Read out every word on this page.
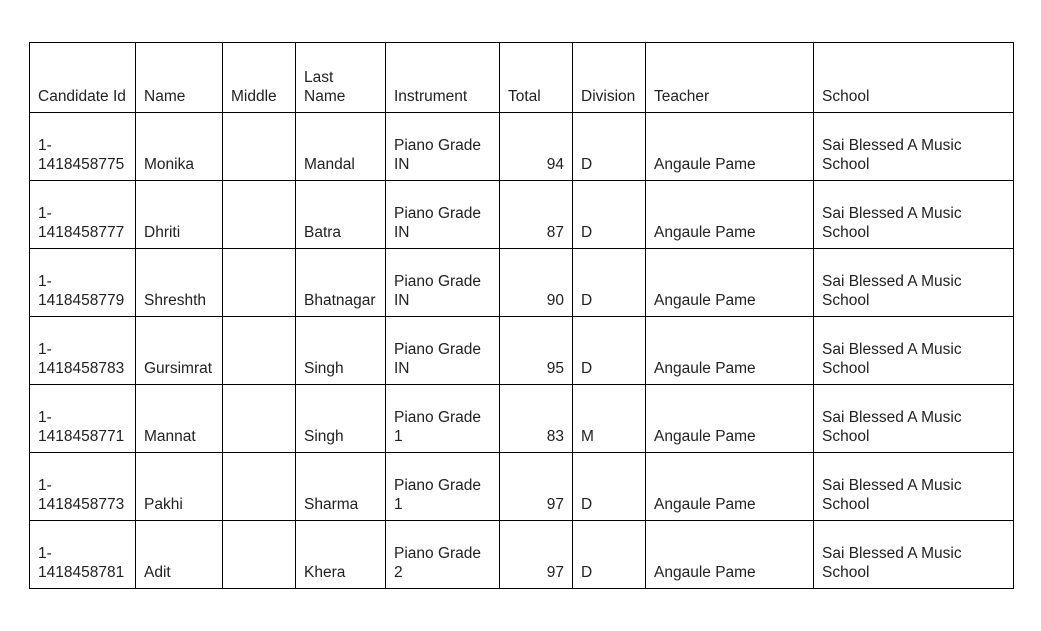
Candidate Id	Name	Middle	Last Name	Instrument	Total	Division	Teacher	School
1-1418458775	Monika		Mandal	Piano Grade IN	94	D	Angaule Pame	Sai Blessed A Music School
1-1418458777	Dhriti		Batra	Piano Grade IN	87	D	Angaule Pame	Sai Blessed A Music School
1-1418458779	Shreshth		Bhatnagar	Piano Grade IN	90	D	Angaule Pame	Sai Blessed A Music School
1-1418458783	Gursimrat		Singh	Piano Grade IN	95	D	Angaule Pame	Sai Blessed A Music School
1-1418458771	Mannat		Singh	Piano Grade 1	83	M	Angaule Pame	Sai Blessed A Music School
1-1418458773	Pakhi		Sharma	Piano Grade 1	97	D	Angaule Pame	Sai Blessed A Music School
1-1418458781	Adit		Khera	Piano Grade 2	97	D	Angaule Pame	Sai Blessed A Music School
